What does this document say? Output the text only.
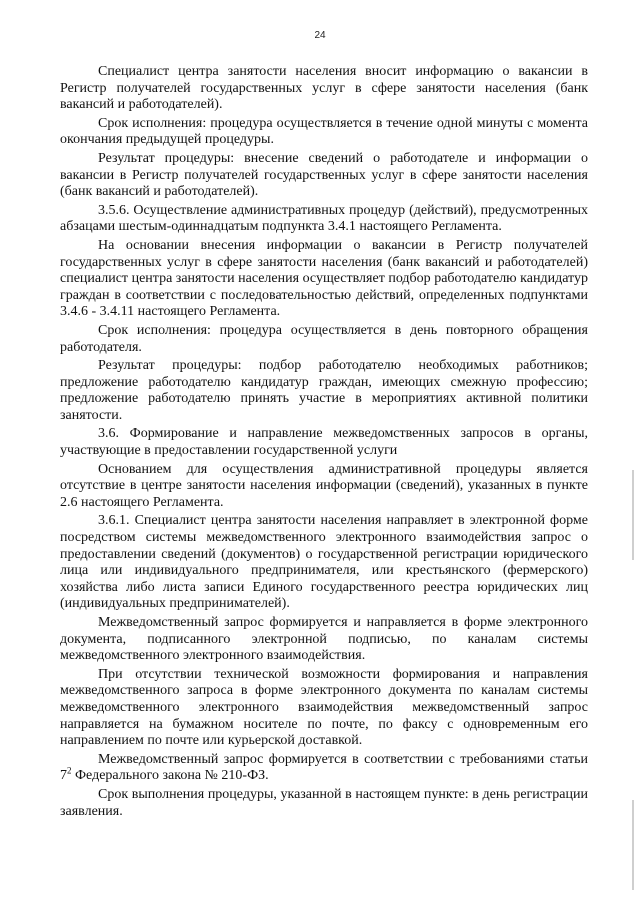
24

Специалист центра занятости населения вносит информацию о вакансии в Регистр получателей государственных услуг в сфере занятости населения (банк вакансий и работодателей).

Срок исполнения: процедура осуществляется в течение одной минуты с момента окончания предыдущей процедуры.

Результат процедуры: внесение сведений о работодателе и информации о вакансии в Регистр получателей государственных услуг в сфере занятости населения (банк вакансий и работодателей).

3.5.6. Осуществление административных процедур (действий), предусмотренных абзацами шестым-одиннадцатым подпункта 3.4.1 настоящего Регламента.

На основании внесения информации о вакансии в Регистр получателей государственных услуг в сфере занятости населения (банк вакансий и работодателей) специалист центра занятости населения осуществляет подбор работодателю кандидатур граждан в соответствии с последовательностью действий, определенных подпунктами 3.4.6 - 3.4.11 настоящего Регламента.

Срок исполнения: процедура осуществляется в день повторного обращения работодателя.

Результат процедуры: подбор работодателю необходимых работников; предложение работодателю кандидатур граждан, имеющих смежную профессию; предложение работодателю принять участие в мероприятиях активной политики занятости.

3.6. Формирование и направление межведомственных запросов в органы, участвующие в предоставлении государственной услуги

Основанием для осуществления административной процедуры является отсутствие в центре занятости населения информации (сведений), указанных в пункте 2.6 настоящего Регламента.

3.6.1. Специалист центра занятости населения направляет в электронной форме посредством системы межведомственного электронного взаимодействия запрос о предоставлении сведений (документов) о государственной регистрации юридического лица или индивидуального предпринимателя, или крестьянского (фермерского) хозяйства либо листа записи Единого государственного реестра юридических лиц (индивидуальных предпринимателей).

Межведомственный запрос формируется и направляется в форме электронного документа, подписанного электронной подписью, по каналам системы межведомственного электронного взаимодействия.

При отсутствии технической возможности формирования и направления межведомственного запроса в форме электронного документа по каналам системы межведомственного электронного взаимодействия межведомственный запрос направляется на бумажном носителе по почте, по факсу с одновременным его направлением по почте или курьерской доставкой.

Межведомственный запрос формируется в соответствии с требованиями статьи $7^2$ Федерального закона № 210-ФЗ.

Срок выполнения процедуры, указанной в настоящем пункте: в день регистрации заявления.
